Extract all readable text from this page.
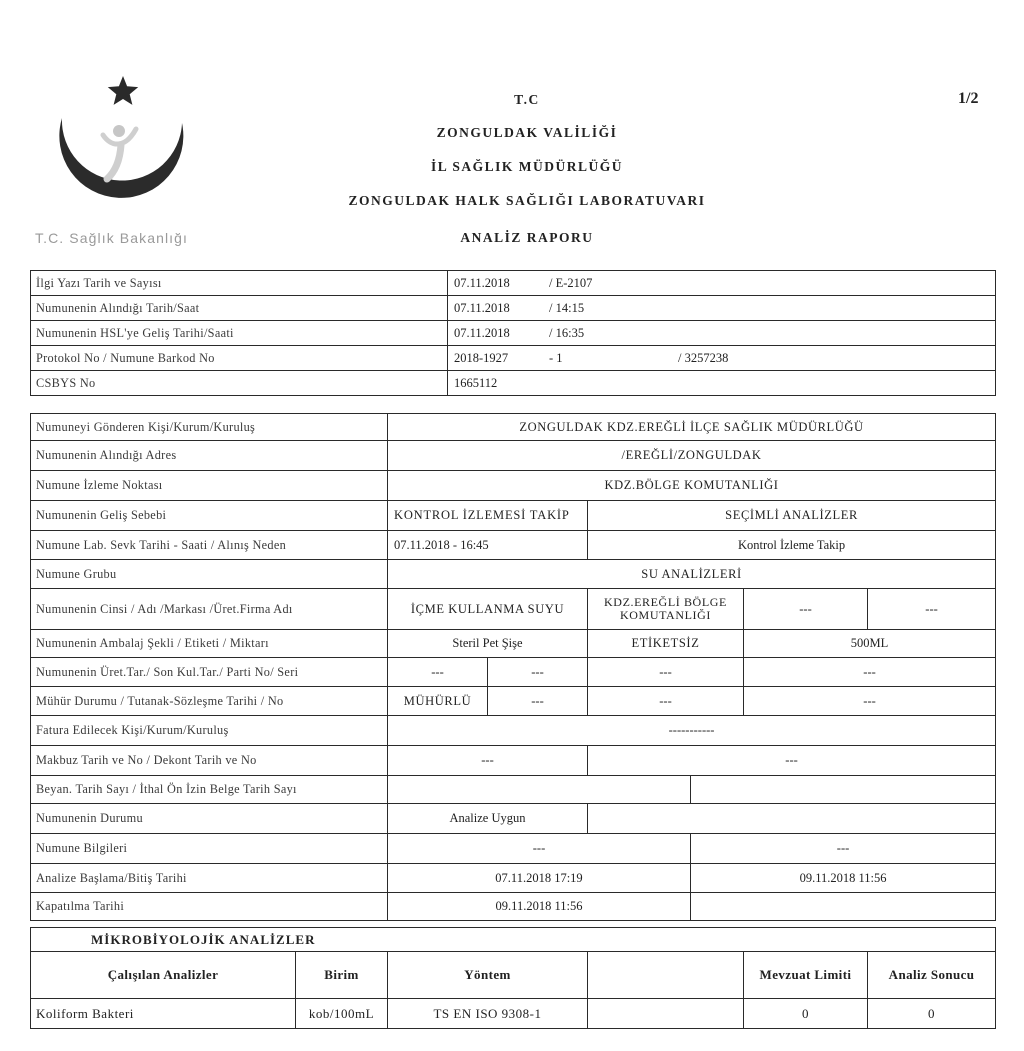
1/2
T.C. Sağlık Bakanlığı
T.C
ZONGULDAK VALİLİĞİ
İL SAĞLIK MÜDÜRLÜĞÜ
ZONGULDAK HALK SAĞLIĞI LABORATUVARI
ANALİZ RAPORU
İlgi Yazı Tarih ve Sayısı	07.11.2018 / E-2107
Numunenin Alındığı Tarih/Saat	07.11.2018 / 14:15
Numunenin HSL'ye Geliş Tarihi/Saati	07.11.2018 / 16:35
Protokol No / Numune Barkod No	2018-1927 - 1 / 3257238
CSBYS No	1665112
Numuneyi Gönderen Kişi/Kurum/Kuruluş	ZONGULDAK KDZ.EREĞLİ İLÇE SAĞLIK MÜDÜRLÜĞÜ					
Numunenin Alındığı Adres	/EREĞLİ/ZONGULDAK					
Numune İzleme Noktası	KDZ.BÖLGE KOMUTANLIĞI					
Numunenin Geliş Sebebi	KONTROL İZLEMESİ TAKİP		SEÇİMLİ ANALİZLER			
Numune Lab. Sevk Tarihi - Saati / Alınış Neden	07.11.2018 - 16:45		Kontrol İzleme Takip			
Numune Grubu	SU ANALİZLERİ					
Numunenin Cinsi / Adı /Markası /Üret.Firma Adı	İÇME KULLANMA SUYU		KDZ.EREĞLİ BÖLGE KOMUTANLIĞI		---	---
Numunenin Ambalaj Şekli / Etiketi / Miktarı	Steril Pet Şişe		ETİKETSİZ		500ML	
Numunenin Üret.Tar./ Son Kul.Tar./ Parti No/ Seri	---	---	---		---	
Mühür Durumu / Tutanak-Sözleşme Tarihi / No	MÜHÜRLÜ	---	---		---	
Fatura Edilecek Kişi/Kurum/Kuruluş	-----------					
Makbuz Tarih ve No / Dekont Tarih ve No	---		---			
Beyan. Tarih Sayı / İthal Ön İzin Belge Tarih Sayı						
Numunenin Durumu	Analize Uygun					
Numune Bilgileri	---			---		
Analize Başlama/Bitiş Tarihi	07.11.2018 17:19			09.11.2018 11:56		
Kapatılma Tarihi	09.11.2018 11:56					
MİKROBİYOLOJİK ANALİZLER					
Çalışılan Analizler	Birim	Yöntem		Mevzuat Limiti	Analiz Sonucu
Koliform Bakteri	kob/100mL	TS EN ISO 9308-1		0	0
